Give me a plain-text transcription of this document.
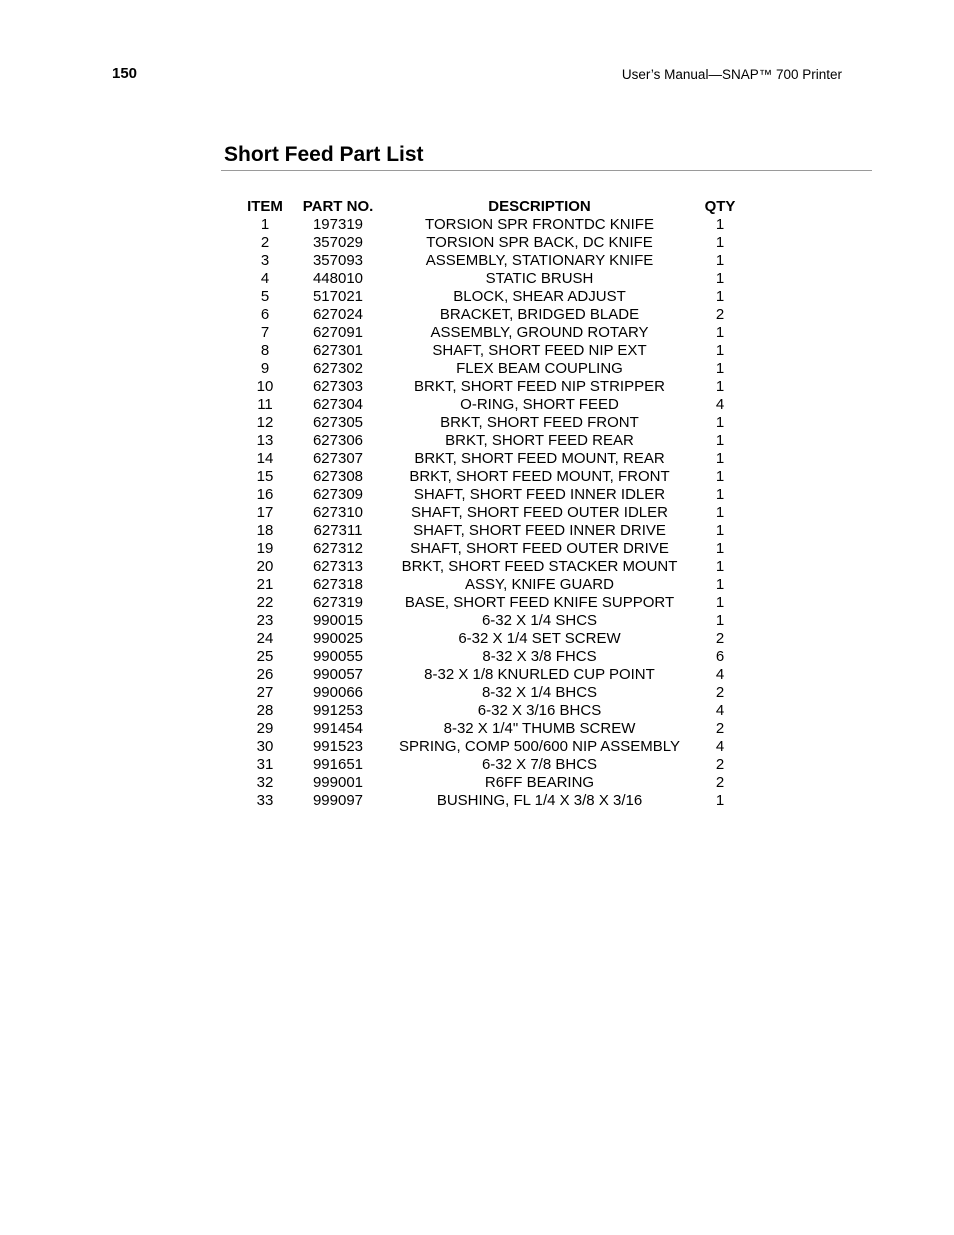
150	User’s Manual—SNAP™ 700 Printer
Short Feed Part List
ITEM	PART NO.	DESCRIPTION	QTY
1	197319	TORSION SPR FRONTDC KNIFE	1
2	357029	TORSION SPR BACK, DC KNIFE	1
3	357093	ASSEMBLY, STATIONARY KNIFE	1
4	448010	STATIC BRUSH	1
5	517021	BLOCK, SHEAR ADJUST	1
6	627024	BRACKET, BRIDGED BLADE	2
7	627091	ASSEMBLY, GROUND ROTARY	1
8	627301	SHAFT, SHORT FEED NIP EXT	1
9	627302	FLEX BEAM COUPLING	1
10	627303	BRKT, SHORT FEED NIP STRIPPER	1
11	627304	O-RING, SHORT FEED	4
12	627305	BRKT, SHORT FEED FRONT	1
13	627306	BRKT, SHORT FEED REAR	1
14	627307	BRKT, SHORT FEED MOUNT, REAR	1
15	627308	BRKT, SHORT FEED MOUNT, FRONT	1
16	627309	SHAFT, SHORT FEED INNER IDLER	1
17	627310	SHAFT, SHORT FEED OUTER IDLER	1
18	627311	SHAFT, SHORT FEED INNER DRIVE	1
19	627312	SHAFT, SHORT FEED OUTER DRIVE	1
20	627313	BRKT, SHORT FEED STACKER MOUNT	1
21	627318	ASSY, KNIFE GUARD	1
22	627319	BASE, SHORT FEED KNIFE SUPPORT	1
23	990015	6-32 X 1/4 SHCS	1
24	990025	6-32 X 1/4 SET SCREW	2
25	990055	8-32 X 3/8 FHCS	6
26	990057	8-32 X 1/8 KNURLED CUP POINT	4
27	990066	8-32 X 1/4 BHCS	2
28	991253	6-32 X 3/16 BHCS	4
29	991454	8-32 X 1/4" THUMB SCREW	2
30	991523	SPRING, COMP 500/600 NIP ASSEMBLY	4
31	991651	6-32 X 7/8 BHCS	2
32	999001	R6FF BEARING	2
33	999097	BUSHING, FL 1/4 X 3/8 X 3/16	1
